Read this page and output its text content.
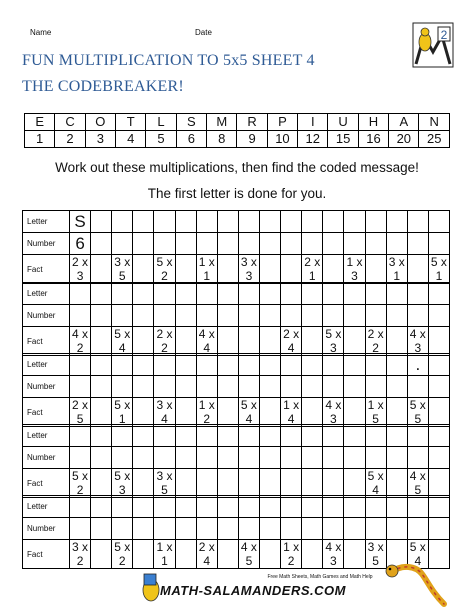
Name	Date
FUN MULTIPLICATION TO 5x5 SHEET 4
THE CODEBREAKER!
2
E	C	O	T	L	S	M	R	P	I	U	H	A	N
1	2	3	4	5	6	8	9	10	12	15	16	20	25
Work out these multiplications, then find the coded message!
The first letter is done for you.
Letter	S																	
Number	6																	
Fact	2 x 3		3 x 5		5 x 2		1 x 1		3 x 3			2 x 1		1 x 3		3 x 1		5 x 1
Letter																		
Number																		
Fact	4 x 2		5 x 4		2 x 2		4 x 4				2 x 4		5 x 3		2 x 2		4 x 3	
Letter																	.	
Number																		
Fact	2 x 5		5 x 1		3 x 4		1 x 2		5 x 4		1 x 4		4 x 3		1 x 5		5 x 5	
Letter																		
Number																		
Fact	5 x 2		5 x 3		3 x 5										5 x 4		4 x 5	
Letter																		
Number																		
Fact	3 x 2		5 x 2		1 x 1		2 x 4		4 x 5		1 x 2		4 x 3		3 x 5		5 x 4	
Free Math Sheets, Math Games and Math Help
MATH-SALAMANDERS.COM
